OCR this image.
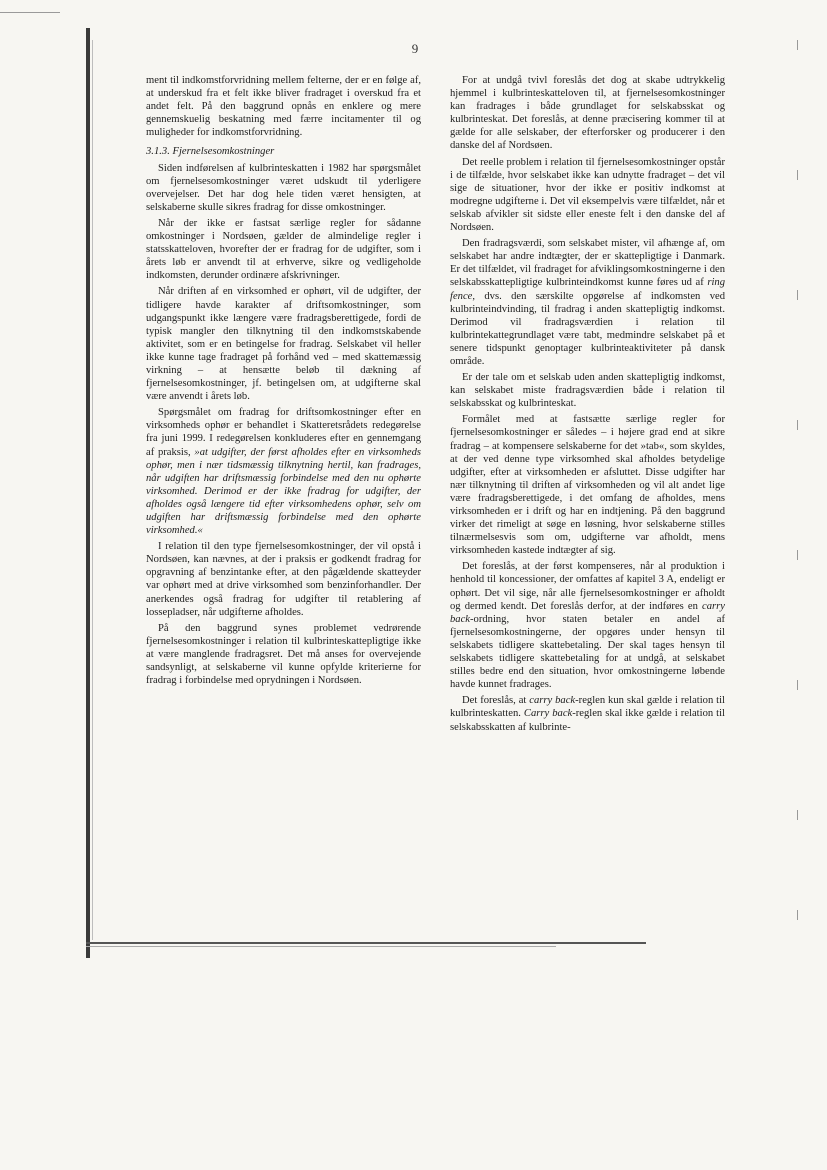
9

ment til indkomstforvridning mellem felterne, der er en følge af, at underskud fra et felt ikke bliver fradraget i overskud fra et andet felt. På den baggrund opnås en enklere og mere gennemskuelig beskatning med færre incitamenter til og muligheder for indkomstforvridning.

3.1.3. Fjernelsesomkostninger

Siden indførelsen af kulbrinteskatten i 1982 har spørgsmålet om fjernelsesomkostninger været udskudt til yderligere overvejelser. Det har dog hele tiden været hensigten, at selskaberne skulle sikres fradrag for disse omkostninger.

Når der ikke er fastsat særlige regler for sådanne omkostninger i Nordsøen, gælder de almindelige regler i statsskatteloven, hvorefter der er fradrag for de udgifter, som i årets løb er anvendt til at erhverve, sikre og vedligeholde indkomsten, derunder ordinære afskrivninger.

Når driften af en virksomhed er ophørt, vil de udgifter, der tidligere havde karakter af driftsomkostninger, som udgangspunkt ikke længere være fradragsberettigede, fordi de typisk mangler den tilknytning til den indkomstskabende aktivitet, som er en betingelse for fradrag. Selskabet vil heller ikke kunne tage fradraget på forhånd ved – med skattemæssig virkning – at hensætte beløb til dækning af fjernelsesomkostninger, jf. betingelsen om, at udgifterne skal være anvendt i årets løb.

Spørgsmålet om fradrag for driftsomkostninger efter en virksomheds ophør er behandlet i Skatteretsrådets redegørelse fra juni 1999. I redegørelsen konkluderes efter en gennemgang af praksis, »at udgifter, der først afholdes efter en virksomheds ophør, men i nær tidsmæssig tilknytning hertil, kan fradrages, når udgiften har driftsmæssig forbindelse med den nu ophørte virksomhed. Derimod er der ikke fradrag for udgifter, der afholdes også længere tid efter virksomhedens ophør, selv om udgiften har driftsmæssig forbindelse med den ophørte virksomhed.«

I relation til den type fjernelsesomkostninger, der vil opstå i Nordsøen, kan nævnes, at der i praksis er godkendt fradrag for opgravning af benzintanke efter, at den pågældende skatteyder var ophørt med at drive virksomhed som benzinforhandler. Der anerkendes også fradrag for udgifter til retablering af lossepladser, når udgifterne afholdes.

På den baggrund synes problemet vedrørende fjernelsesomkostninger i relation til kulbrinteskattepligtige ikke at være manglende fradragsret. Det må anses for overvejende sandsynligt, at selskaberne vil kunne opfylde kriterierne for fradrag i forbindelse med oprydningen i Nordsøen.

For at undgå tvivl foreslås det dog at skabe udtrykkelig hjemmel i kulbrinteskatteloven til, at fjernelsesomkostninger kan fradrages i både grundlaget for selskabsskat og kulbrinteskat. Det foreslås, at denne præcisering kommer til at gælde for alle selskaber, der efterforsker og producerer i den danske del af Nordsøen.

Det reelle problem i relation til fjernelsesomkostninger opstår i de tilfælde, hvor selskabet ikke kan udnytte fradraget – det vil sige de situationer, hvor der ikke er positiv indkomst at modregne udgifterne i. Det vil eksempelvis være tilfældet, når et selskab afvikler sit sidste eller eneste felt i den danske del af Nordsøen.

Den fradragsværdi, som selskabet mister, vil afhænge af, om selskabet har andre indtægter, der er skattepligtige i Danmark. Er det tilfældet, vil fradraget for afviklingsomkostningerne i den selskabsskattepligtige kulbrinteindkomst kunne føres ud af ring fence, dvs. den særskilte opgørelse af indkomsten ved kulbrinteindvinding, til fradrag i anden skattepligtig indkomst. Derimod vil fradragsværdien i relation til kulbrintekattegrundlaget være tabt, medmindre selskabet på et senere tidspunkt genoptager kulbrinteaktiviteter på dansk område.

Er der tale om et selskab uden anden skattepligtig indkomst, kan selskabet miste fradragsværdien både i relation til selskabsskat og kulbrinteskat.

Formålet med at fastsætte særlige regler for fjernelsesomkostninger er således – i højere grad end at sikre fradrag – at kompensere selskaberne for det »tab«, som skyldes, at der ved denne type virksomhed skal afholdes betydelige udgifter, efter at virksomheden er afsluttet. Disse udgifter har nær tilknytning til driften af virksomheden og vil alt andet lige være fradragsberettigede, i det omfang de afholdes, mens virksomheden er i drift og har en indtjening. På den baggrund virker det rimeligt at søge en løsning, hvor selskaberne stilles tilnærmelsesvis som om, udgifterne var afholdt, mens virksomheden kastede indtægter af sig.

Det foreslås, at der først kompenseres, når al produktion i henhold til koncessioner, der omfattes af kapitel 3 A, endeligt er ophørt. Det vil sige, når alle fjernelsesomkostninger er afholdt og dermed kendt. Det foreslås derfor, at der indføres en carry back-ordning, hvor staten betaler en andel af fjernelsesomkostningerne, der opgøres under hensyn til selskabets tidligere skattebetaling. Der skal tages hensyn til selskabets tidligere skattebetaling for at undgå, at selskabet stilles bedre end den situation, hvor omkostningerne løbende havde kunnet fradrages.

Det foreslås, at carry back-reglen kun skal gælde i relation til kulbrinteskatten. Carry back-reglen skal ikke gælde i relation til selskabsskatten af kulbrinte-
